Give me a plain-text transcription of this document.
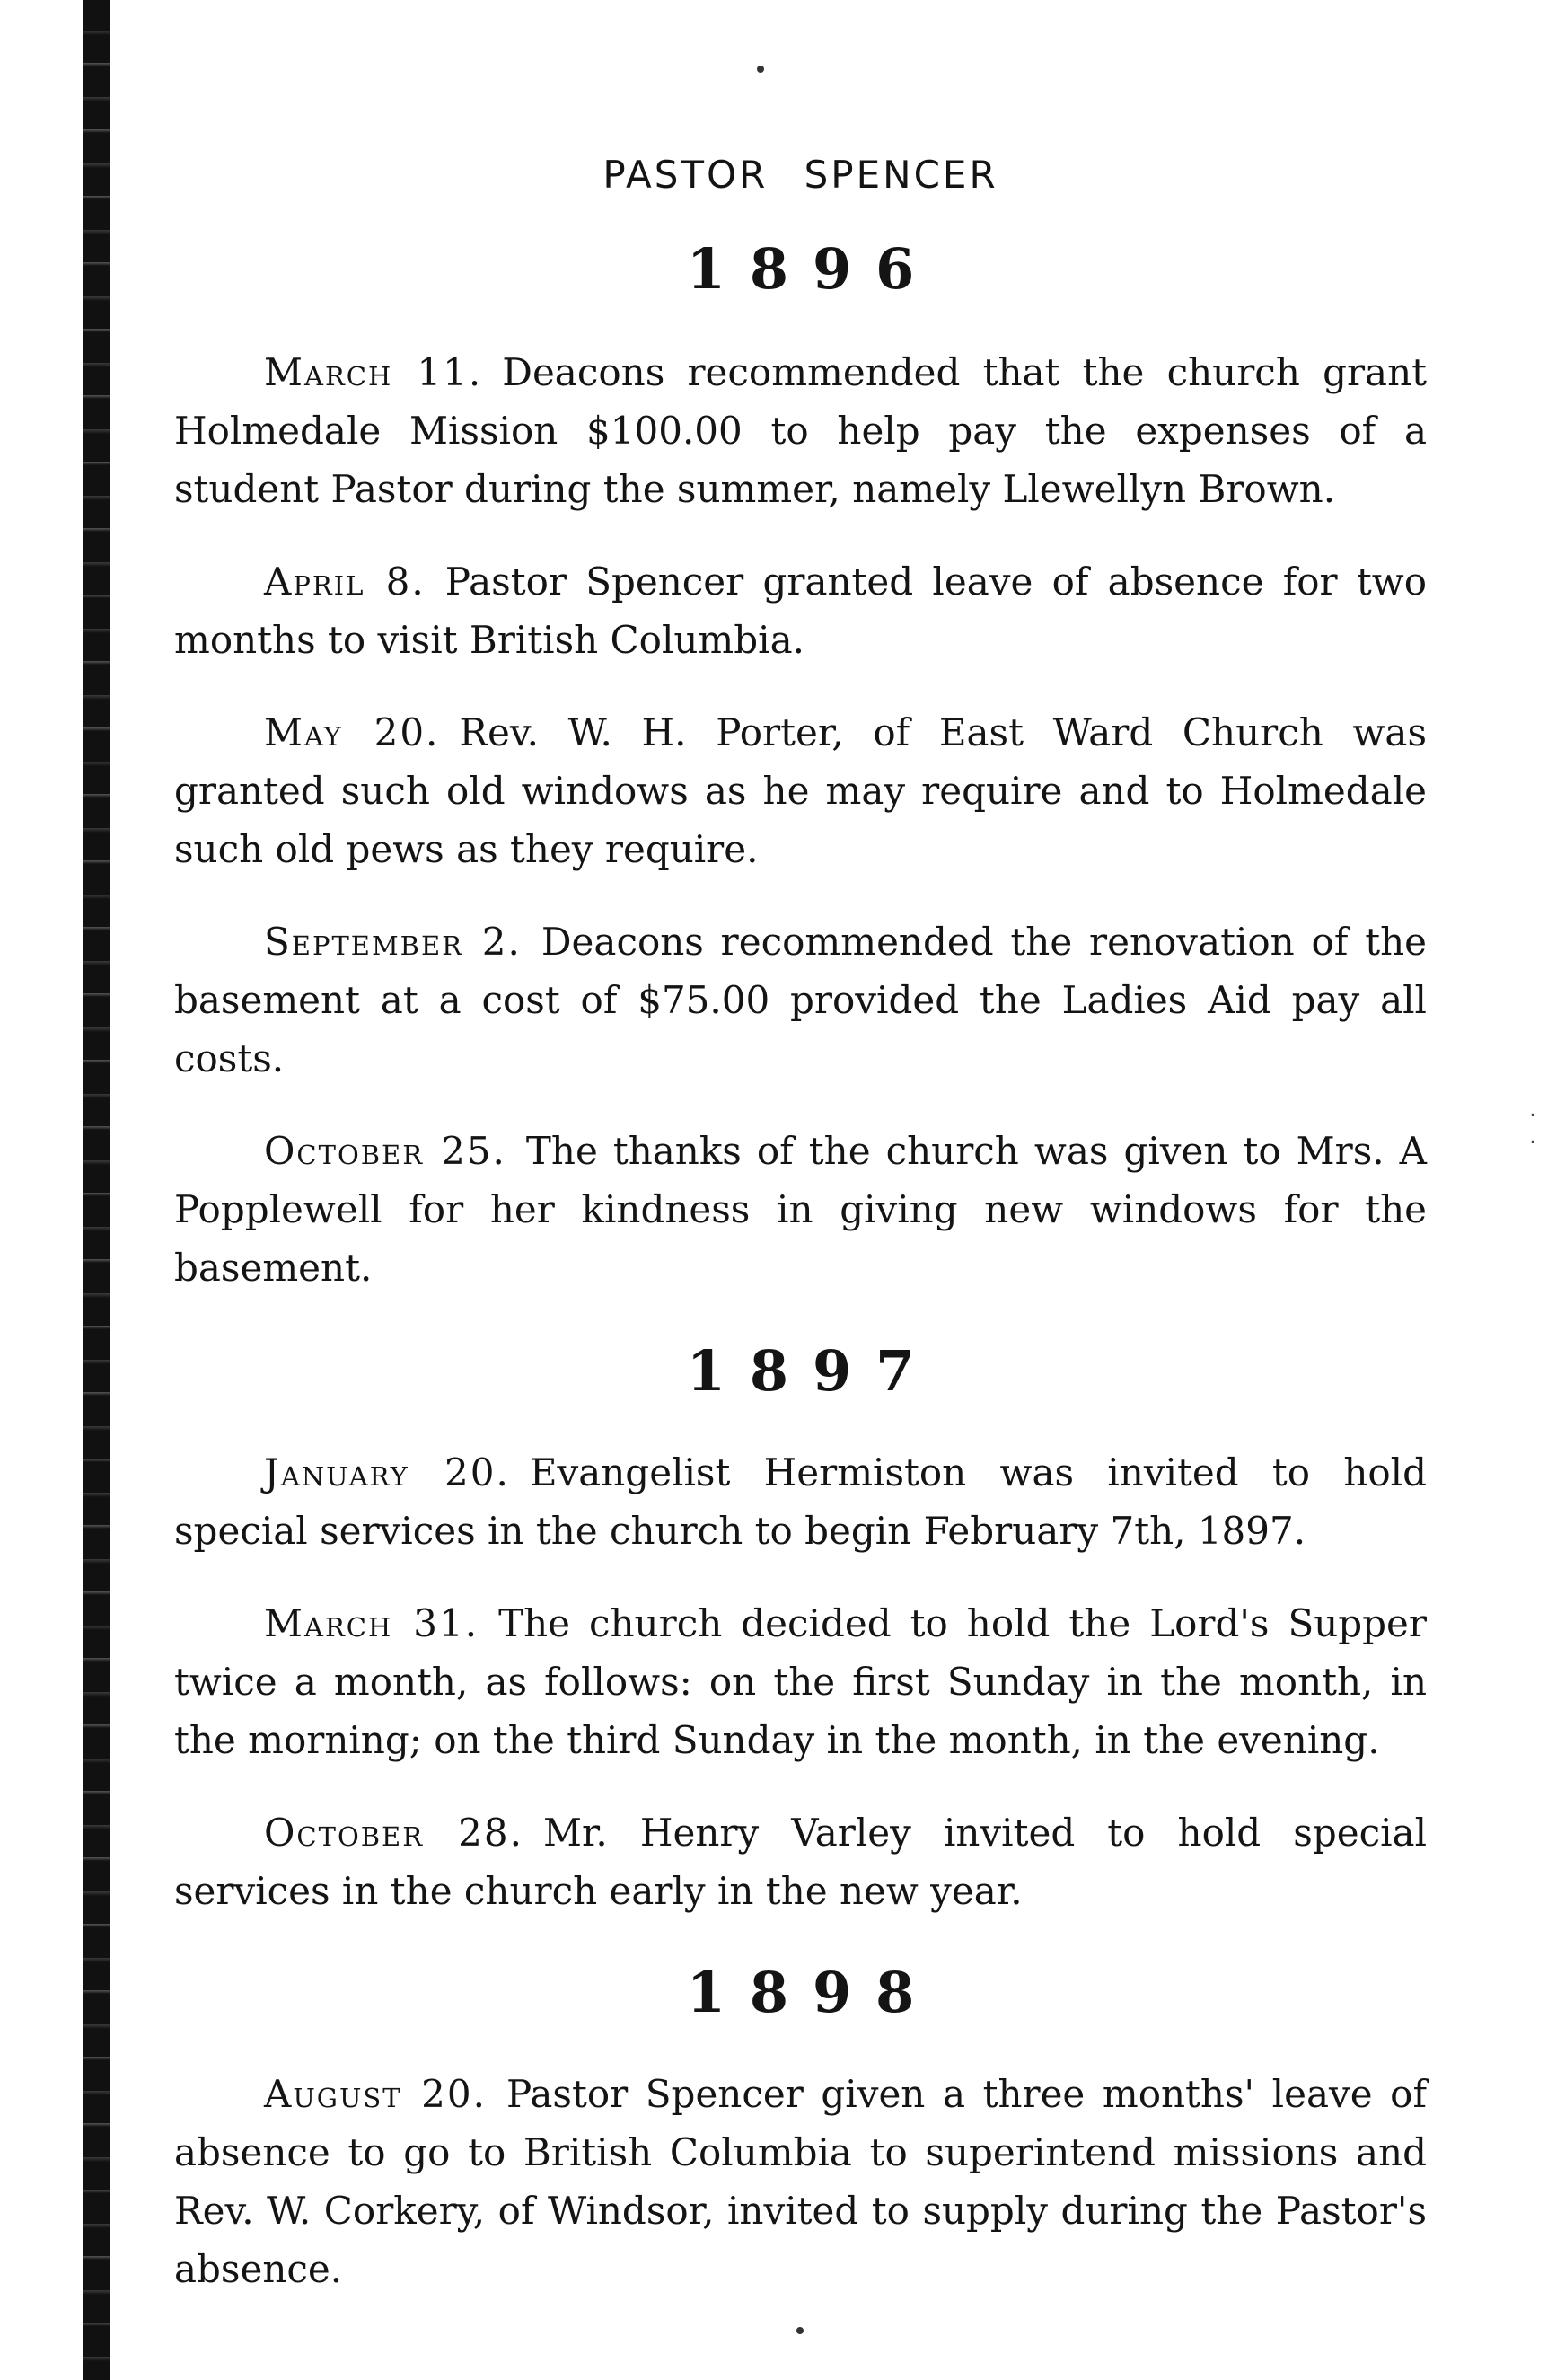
. .
PASTOR SPENCER
1896
March 11. Deacons recommended that the church grant Holmedale Mission $100.00 to help pay the expenses of a student Pastor during the summer, namely Llewellyn Brown.
April 8. Pastor Spencer granted leave of absence for two months to visit British Columbia.
May 20. Rev. W. H. Porter, of East Ward Church was granted such old windows as he may require and to Holmedale such old pews as they require.
September 2. Deacons recommended the renovation of the basement at a cost of $75.00 provided the Ladies Aid pay all costs.
October 25. The thanks of the church was given to Mrs. A Popplewell for her kindness in giving new windows for the basement.
1897
January 20. Evangelist Hermiston was invited to hold special services in the church to begin February 7th, 1897.
March 31. The church decided to hold the Lord's Supper twice a month, as follows: on the first Sunday in the month, in the morning; on the third Sunday in the month, in the evening.
October 28. Mr. Henry Varley invited to hold special services in the church early in the new year.
1898
August 20. Pastor Spencer given a three months' leave of absence to go to British Columbia to superintend missions and Rev. W. Corkery, of Windsor, invited to supply during the Pastor's absence.
